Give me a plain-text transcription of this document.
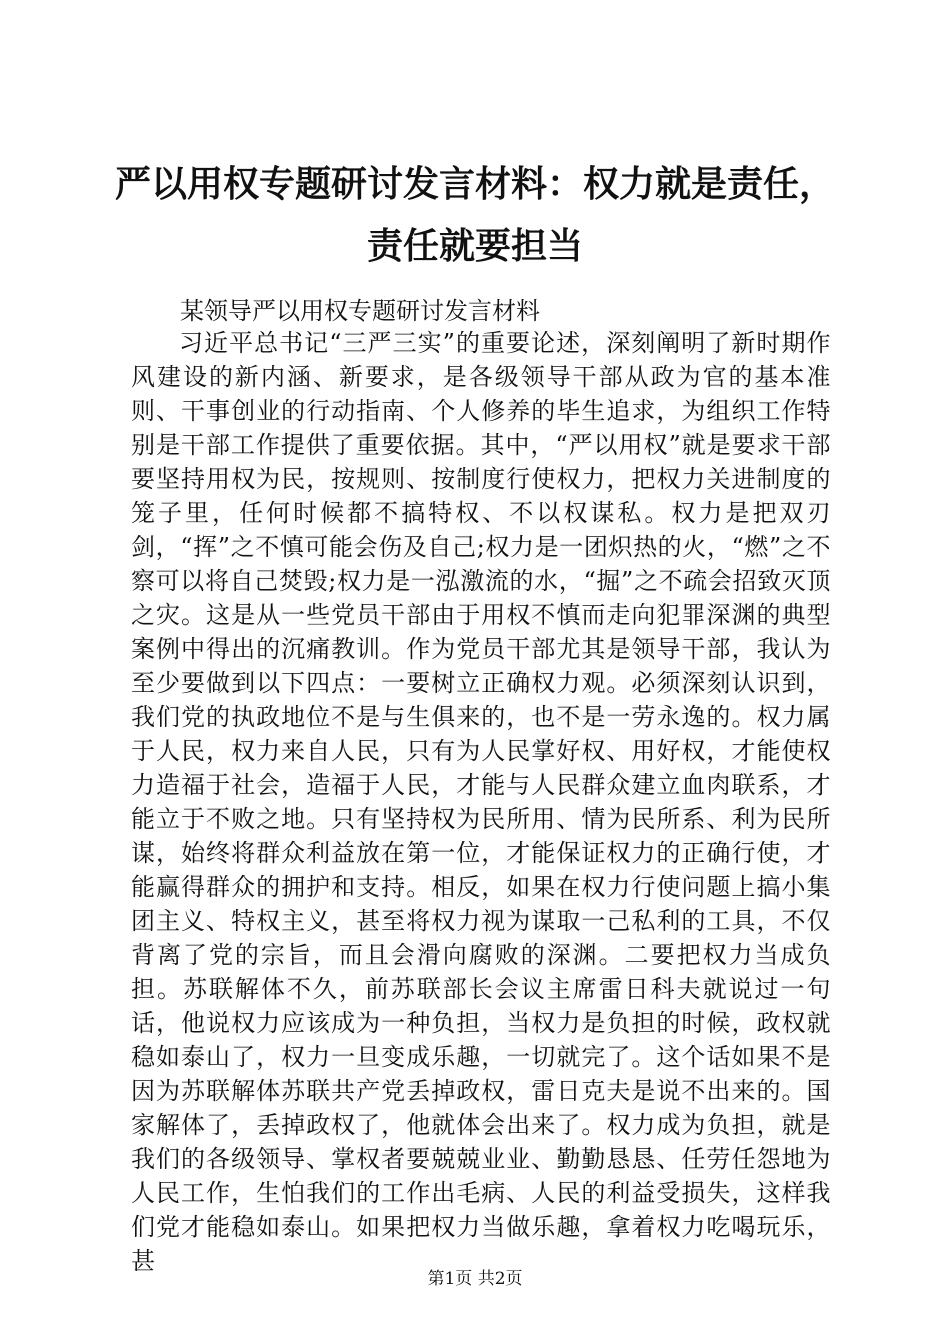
严以用权专题研讨发言材料：权力就是责任，
责任就要担当
某领导严以用权专题研讨发言材料

习近平总书记“三严三实”的重要论述，深刻阐明了新时期作风建设的新内涵、新要求，是各级领导干部从政为官的基本准则、干事创业的行动指南、个人修养的毕生追求，为组织工作特别是干部工作提供了重要依据。其中，“严以用权”就是要求干部要坚持用权为民，按规则、按制度行使权力，把权力关进制度的笼子里，任何时候都不搞特权、不以权谋私。权力是把双刃剑，“挥”之不慎可能会伤及自己;权力是一团炽热的火，“燃”之不察可以将自己焚毁;权力是一泓激流的水，“掘”之不疏会招致灭顶之灾。这是从一些党员干部由于用权不慎而走向犯罪深渊的典型案例中得出的沉痛教训。作为党员干部尤其是领导干部，我认为至少要做到以下四点：一要树立正确权力观。必须深刻认识到，我们党的执政地位不是与生俱来的，也不是一劳永逸的。权力属于人民，权力来自人民，只有为人民掌好权、用好权，才能使权力造福于社会，造福于人民，才能与人民群众建立血肉联系，才能立于不败之地。只有坚持权为民所用、情为民所系、利为民所谋，始终将群众利益放在第一位，才能保证权力的正确行使，才能赢得群众的拥护和支持。相反，如果在权力行使问题上搞小集团主义、特权主义，甚至将权力视为谋取一己私利的工具，不仅背离了党的宗旨，而且会滑向腐败的深渊。二要把权力当成负担。苏联解体不久，前苏联部长会议主席雷日科夫就说过一句话，他说权力应该成为一种负担，当权力是负担的时候，政权就稳如泰山了，权力一旦变成乐趣，一切就完了。这个话如果不是因为苏联解体苏联共产党丢掉政权，雷日克夫是说不出来的。国家解体了，丢掉政权了，他就体会出来了。权力成为负担，就是我们的各级领导、掌权者要兢兢业业、勤勤恳恳、任劳任怨地为人民工作，生怕我们的工作出毛病、人民的利益受损失，这样我们党才能稳如泰山。如果把权力当做乐趣，拿着权力吃喝玩乐，甚

第1页 共2页
